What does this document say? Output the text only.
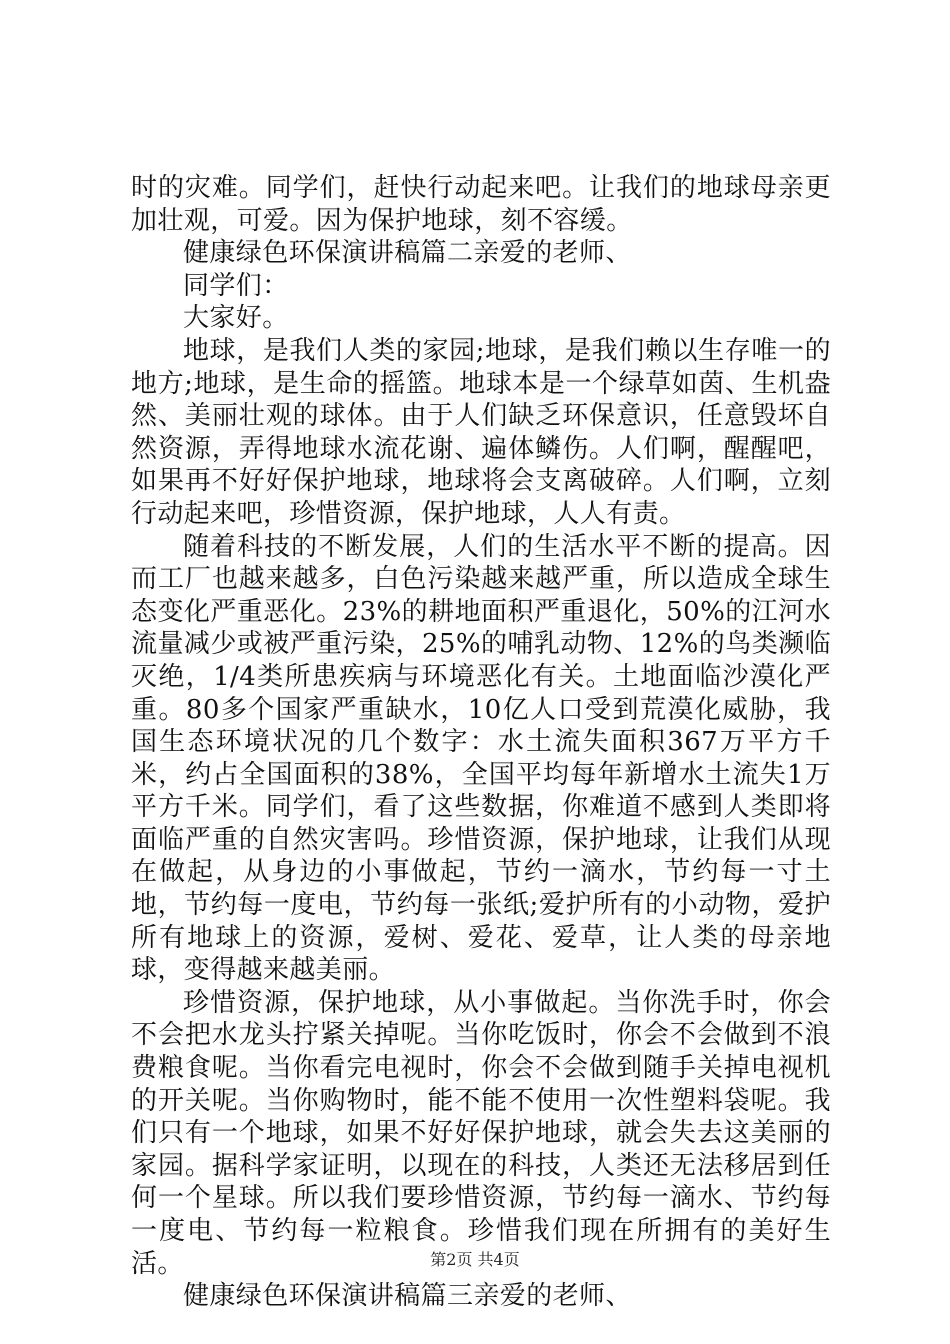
时的灾难。同学们，赶快行动起来吧。让我们的地球母亲更加壮观，可爱。因为保护地球，刻不容缓。

健康绿色环保演讲稿篇二亲爱的老师、

同学们：

大家好。

地球，是我们人类的家园;地球，是我们赖以生存唯一的地方;地球，是生命的摇篮。地球本是一个绿草如茵、生机盎然、美丽壮观的球体。由于人们缺乏环保意识，任意毁坏自然资源，弄得地球水流花谢、遍体鳞伤。人们啊，醒醒吧，如果再不好好保护地球，地球将会支离破碎。人们啊，立刻行动起来吧，珍惜资源，保护地球，人人有责。

随着科技的不断发展，人们的生活水平不断的提高。因而工厂也越来越多，白色污染越来越严重，所以造成全球生态变化严重恶化。23%的耕地面积严重退化，50%的江河水流量减少或被严重污染，25%的哺乳动物、12%的鸟类濒临灭绝，1/4类所患疾病与环境恶化有关。土地面临沙漠化严重。80多个国家严重缺水，10亿人口受到荒漠化威胁，我国生态环境状况的几个数字：水土流失面积367万平方千米，约占全国面积的38%，全国平均每年新增水土流失1万平方千米。同学们，看了这些数据，你难道不感到人类即将面临严重的自然灾害吗。珍惜资源，保护地球，让我们从现在做起，从身边的小事做起，节约一滴水，节约每一寸土地，节约每一度电，节约每一张纸;爱护所有的小动物，爱护所有地球上的资源，爱树、爱花、爱草，让人类的母亲地球，变得越来越美丽。

珍惜资源，保护地球，从小事做起。当你洗手时，你会不会把水龙头拧紧关掉呢。当你吃饭时，你会不会做到不浪费粮食呢。当你看完电视时，你会不会做到随手关掉电视机的开关呢。当你购物时，能不能不使用一次性塑料袋呢。我们只有一个地球，如果不好好保护地球，就会失去这美丽的家园。据科学家证明，以现在的科技，人类还无法移居到任何一个星球。所以我们要珍惜资源，节约每一滴水、节约每一度电、节约每一粒粮食。珍惜我们现在所拥有的美好生活。

健康绿色环保演讲稿篇三亲爱的老师、

第2页 共4页
